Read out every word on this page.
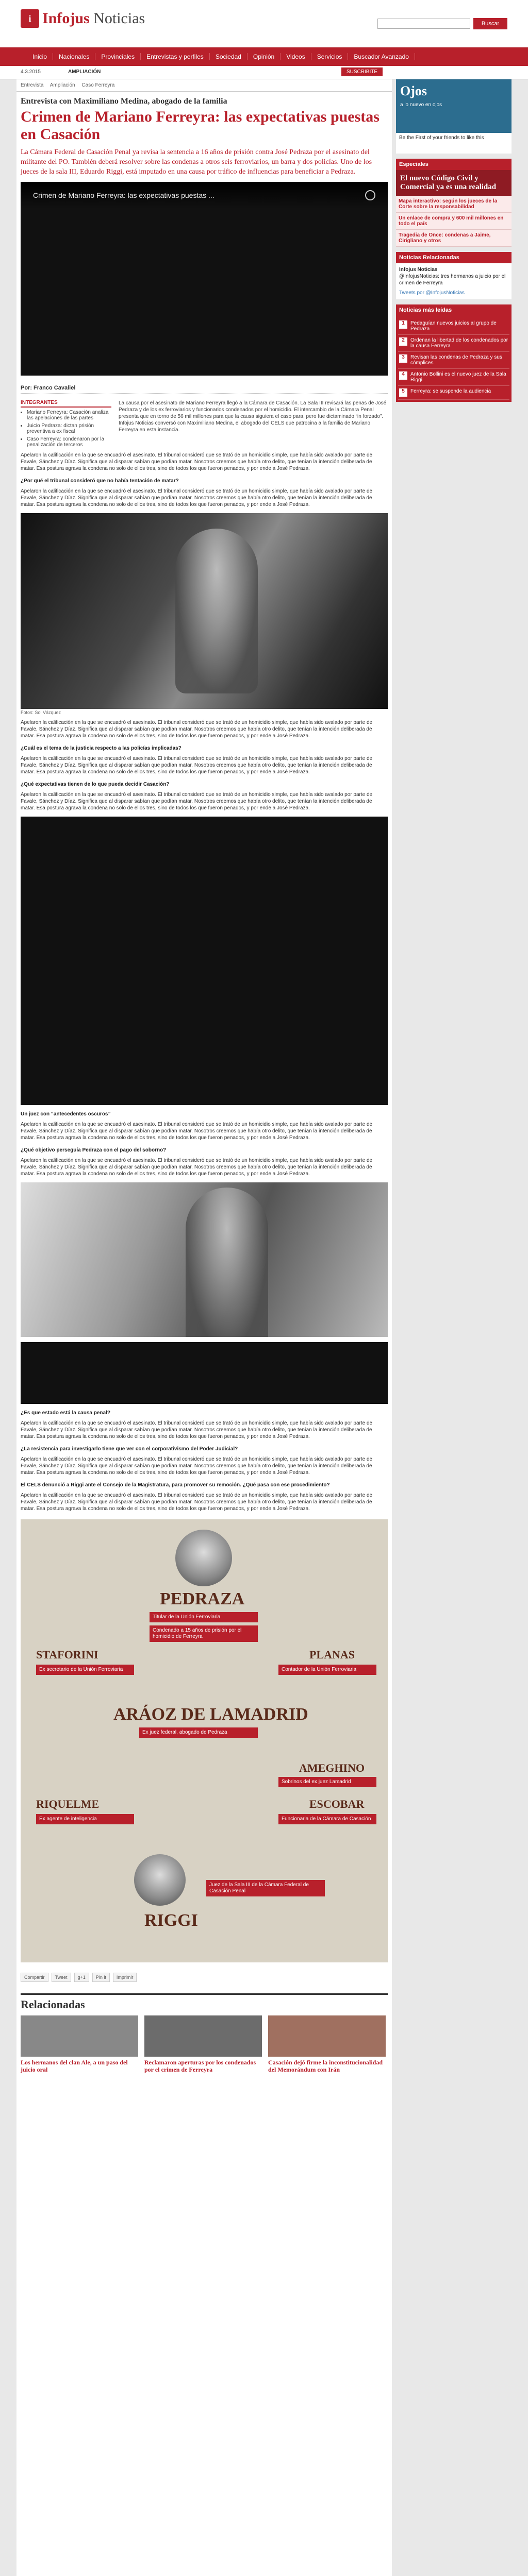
i Infojus Noticias	Buscar
Inicio	Nacionales	Provinciales	Entrevistas y perfiles	Sociedad	Opinión	Videos	Servicios	Buscador Avanzado
4.3.2015	AMPLIACIÓN	SUSCRIBITE
Entrevista Ampliación Caso Ferreyra
Entrevista con Maximiliano Medina, abogado de la familia
Crimen de Mariano Ferreyra: las expectativas puestas en Casación

La Cámara Federal de Casación Penal ya revisa la sentencia a 16 años de prisión contra José Pedraza por el asesinato del militante del PO. También deberá resolver sobre las condenas a otros seis ferroviarios, un barra y dos policías. Uno de los jueces de la sala III, Eduardo Riggi, está imputado en una causa por tráfico de influencias para beneficiar a Pedraza.

Crimen de Mariano Ferreyra: las expectativas puestas ...
Por: Franco Cavaliel
INTEGRANTES
• Mariano Ferreyra: Casación analiza las apelaciones de las partes
• Juicio Pedraza: dictan prisión preventiva a ex fiscal
• Caso Ferreyra: condenaron por la penalización de terceros
La causa por el asesinato de Mariano Ferreyra llegó a la Cámara de Casación. La Sala III revisará las penas de José Pedraza y de los ex ferroviarios y funcionarios condenados por el homicidio. El intercambio de la Cámara Penal presenta que en torno de 56 mil millones para que la causa siguiera el caso para, pero fue dictaminado “in forzado”. Infojus Noticias conversó con Maximiliano Medina, el abogado del CELS que patrocina a la familia de Mariano Ferreyra en esta instancia.

Apelaron la calificación en la que se encuadró el asesinato. El tribunal consideró que se trató de un homicidio simple, que había sido avalado por parte de Favale, Sánchez y Díaz. Significa que al disparar sabían que podían matar. Nosotros creemos que había otro delito, que tenían la intención deliberada de matar. Esa postura agrava la condena no solo de ellos tres, sino de todos los que fueron penados, y por ende a José Pedraza.

¿Por qué el tribunal consideró que no había tentación de matar?

Apelaron la calificación en la que se encuadró el asesinato. El tribunal consideró que se trató de un homicidio simple, que había sido avalado por parte de Favale, Sánchez y Díaz. Significa que al disparar sabían que podían matar. Nosotros creemos que había otro delito, que tenían la intención deliberada de matar. Esa postura agrava la condena no solo de ellos tres, sino de todos los que fueron penados, y por ende a José Pedraza.

Fotos: Sol Vázquez

Apelaron la calificación en la que se encuadró el asesinato. El tribunal consideró que se trató de un homicidio simple, que había sido avalado por parte de Favale, Sánchez y Díaz. Significa que al disparar sabían que podían matar. Nosotros creemos que había otro delito, que tenían la intención deliberada de matar. Esa postura agrava la condena no solo de ellos tres, sino de todos los que fueron penados, y por ende a José Pedraza.

¿Cuál es el tema de la justicia respecto a las policías implicadas?

Apelaron la calificación en la que se encuadró el asesinato. El tribunal consideró que se trató de un homicidio simple, que había sido avalado por parte de Favale, Sánchez y Díaz. Significa que al disparar sabían que podían matar. Nosotros creemos que había otro delito, que tenían la intención deliberada de matar. Esa postura agrava la condena no solo de ellos tres, sino de todos los que fueron penados, y por ende a José Pedraza.

¿Qué expectativas tienen de lo que pueda decidir Casación?

Apelaron la calificación en la que se encuadró el asesinato. El tribunal consideró que se trató de un homicidio simple, que había sido avalado por parte de Favale, Sánchez y Díaz. Significa que al disparar sabían que podían matar. Nosotros creemos que había otro delito, que tenían la intención deliberada de matar. Esa postura agrava la condena no solo de ellos tres, sino de todos los que fueron penados, y por ende a José Pedraza.

Un juez con “antecedentes oscuros”

Apelaron la calificación en la que se encuadró el asesinato. El tribunal consideró que se trató de un homicidio simple, que había sido avalado por parte de Favale, Sánchez y Díaz. Significa que al disparar sabían que podían matar. Nosotros creemos que había otro delito, que tenían la intención deliberada de matar. Esa postura agrava la condena no solo de ellos tres, sino de todos los que fueron penados, y por ende a José Pedraza.

¿Qué objetivo perseguía Pedraza con el pago del soborno?

Apelaron la calificación en la que se encuadró el asesinato. El tribunal consideró que se trató de un homicidio simple, que había sido avalado por parte de Favale, Sánchez y Díaz. Significa que al disparar sabían que podían matar. Nosotros creemos que había otro delito, que tenían la intención deliberada de matar. Esa postura agrava la condena no solo de ellos tres, sino de todos los que fueron penados, y por ende a José Pedraza.

¿Es que estado está la causa penal?

Apelaron la calificación en la que se encuadró el asesinato. El tribunal consideró que se trató de un homicidio simple, que había sido avalado por parte de Favale, Sánchez y Díaz. Significa que al disparar sabían que podían matar. Nosotros creemos que había otro delito, que tenían la intención deliberada de matar. Esa postura agrava la condena no solo de ellos tres, sino de todos los que fueron penados, y por ende a José Pedraza.

¿La resistencia para investigarlo tiene que ver con el corporativismo del Poder Judicial?

Apelaron la calificación en la que se encuadró el asesinato. El tribunal consideró que se trató de un homicidio simple, que había sido avalado por parte de Favale, Sánchez y Díaz. Significa que al disparar sabían que podían matar. Nosotros creemos que había otro delito, que tenían la intención deliberada de matar. Esa postura agrava la condena no solo de ellos tres, sino de todos los que fueron penados, y por ende a José Pedraza.

El CELS denunció a Riggi ante el Consejo de la Magistratura, para promover su remoción. ¿Qué pasa con ese procedimiento?

Apelaron la calificación en la que se encuadró el asesinato. El tribunal consideró que se trató de un homicidio simple, que había sido avalado por parte de Favale, Sánchez y Díaz. Significa que al disparar sabían que podían matar. Nosotros creemos que había otro delito, que tenían la intención deliberada de matar. Esa postura agrava la condena no solo de ellos tres, sino de todos los que fueron penados, y por ende a José Pedraza.

PEDRAZA
Titular de la Unión Ferroviaria
Condenado a 15 años de prisión por el homicidio de Ferreyra
STAFORINI
Ex secretario de la Unión Ferroviaria
PLANAS
Contador de la Unión Ferroviaria
ARÁOZ DE LAMADRID
Ex juez federal, abogado de Pedraza
AMEGHINO
Sobrinos del ex juez Lamadrid
RIQUELME
Ex agente de inteligencia
ESCOBAR
Funcionaria de la Cámara de Casación
RIGGI
Juez de la Sala III de la Cámara Federal de Casación Penal
Compartir	Tweet	g+1	Pin it	Imprimir
Relacionadas
Los hermanos del clan Ale, a un paso del juicio oral
Reclamaron aperturas por los condenados por el crimen de Ferreyra
Casación dejó firme la inconstitucionalidad del Memorándum con Irán
Ojos
a lo nuevo en ojos
Be the First of your friends to like this
Especiales
El nuevo Código Civil y Comercial ya es una realidad
Mapa interactivo: según los jueces de la Corte sobre la responsabilidad
Un enlace de compra y 600 mil millones en todo el país
Tragedia de Once: condenas a Jaime, Cirigliano y otros
Noticias Relacionadas
Infojus Noticias
@InfojusNoticias: tres hermanos a juicio por el crimen de Ferreyra
Tweets por @InfojusNoticias
Noticias más leídas
1	Pedaguían nuevos juicios al grupo de Pedraza
2	Ordenan la libertad de los condenados por la causa Ferreyra
3	Revisan las condenas de Pedraza y sus cómplices
4	Antonio Bollini es el nuevo juez de la Sala Riggi
5	Ferreyra: se suspende la audiencia
